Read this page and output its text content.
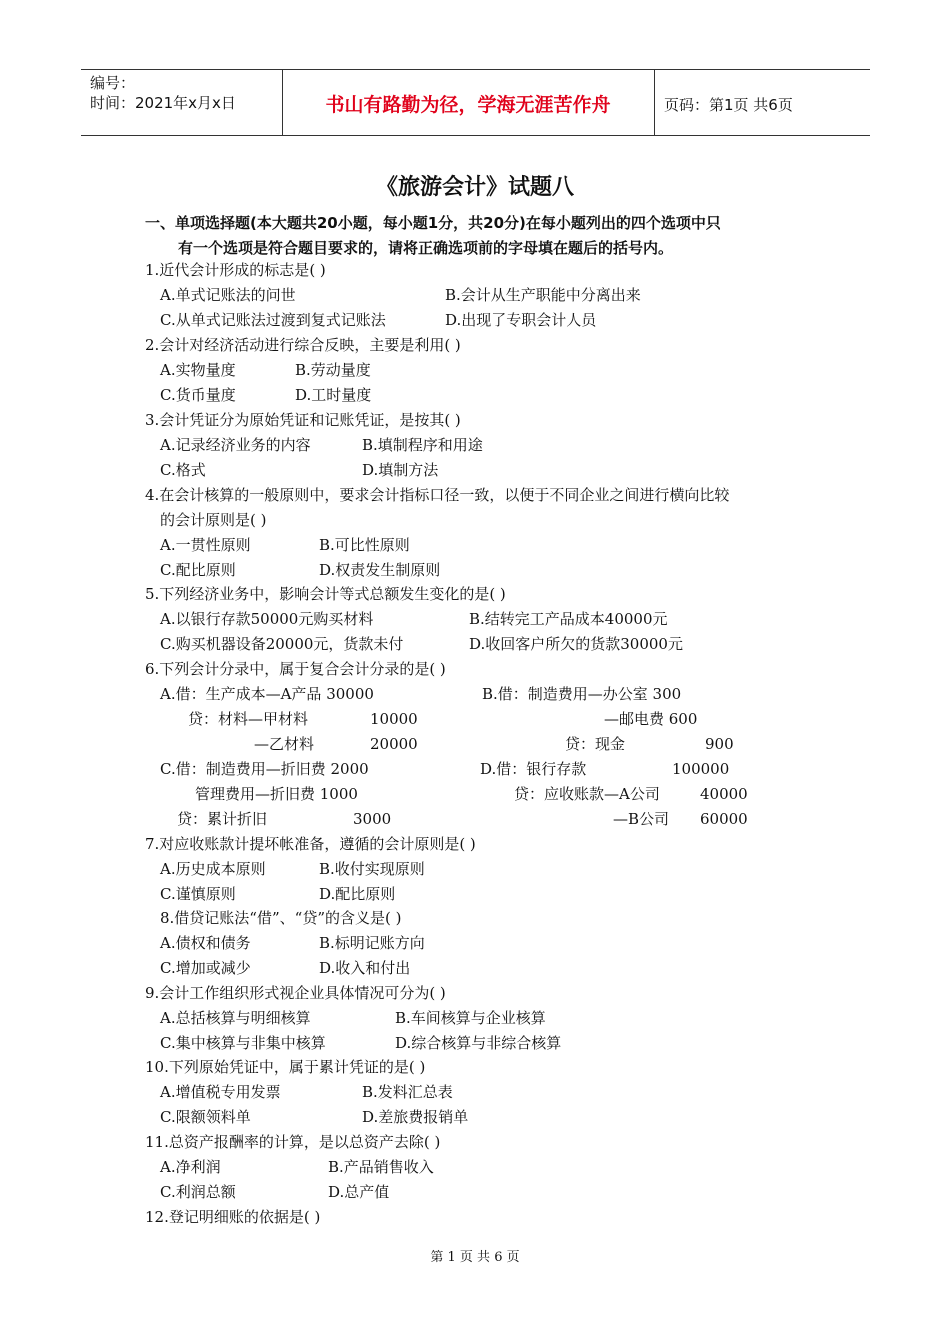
编号：
时间：2021年x月x日	书山有路勤为径，学海无涯苦作舟	页码：第1页 共6页
《旅游会计》试题八
一、单项选择题(本大题共20小题，每小题1分，共20分)在每小题列出的四个选项中只
有一个选项是符合题目要求的，请将正确选项前的字母填在题后的括号内。
1.近代会计形成的标志是( )
A.单式记账法的问世	B.会计从生产职能中分离出来
C.从单式记账法过渡到复式记账法	D.出现了专职会计人员
2.会计对经济活动进行综合反映，主要是利用( )
A.实物量度	B.劳动量度
C.货币量度	D.工时量度
3.会计凭证分为原始凭证和记账凭证，是按其( )
A.记录经济业务的内容	B.填制程序和用途
C.格式	D.填制方法
4.在会计核算的一般原则中，要求会计指标口径一致，以便于不同企业之间进行横向比较
的会计原则是( )
A.一贯性原则	B.可比性原则
C.配比原则	D.权责发生制原则
5.下列经济业务中，影响会计等式总额发生变化的是( )
A.以银行存款50000元购买材料	B.结转完工产品成本40000元
C.购买机器设备20000元，货款未付	D.收回客户所欠的货款30000元
6.下列会计分录中，属于复合会计分录的是( )
A.借：生产成本—A产品 30000	B.借：制造费用—办公室 300
贷：材料—甲材料	10000	—邮电费 600
—乙材料	20000	贷：现金	900
C.借：制造费用—折旧费 2000	D.借：银行存款	100000
管理费用—折旧费 1000	贷：应收账款—A公司	40000
贷：累计折旧	3000	—B公司 60000
7.对应收账款计提坏帐准备，遵循的会计原则是( )
A.历史成本原则	B.收付实现原则
C.谨慎原则	D.配比原则
8.借贷记账法“借”、“贷”的含义是( )
A.债权和债务	B.标明记账方向
C.增加或减少	D.收入和付出
9.会计工作组织形式视企业具体情况可分为( )
A.总括核算与明细核算	B.车间核算与企业核算
C.集中核算与非集中核算	D.综合核算与非综合核算
10.下列原始凭证中，属于累计凭证的是( )
A.增值税专用发票	B.发料汇总表
C.限额领料单	D.差旅费报销单
11.总资产报酬率的计算，是以总资产去除( )
A.净利润	B.产品销售收入
C.利润总额	D.总产值
12.登记明细账的依据是( )
第 1 页 共 6 页
